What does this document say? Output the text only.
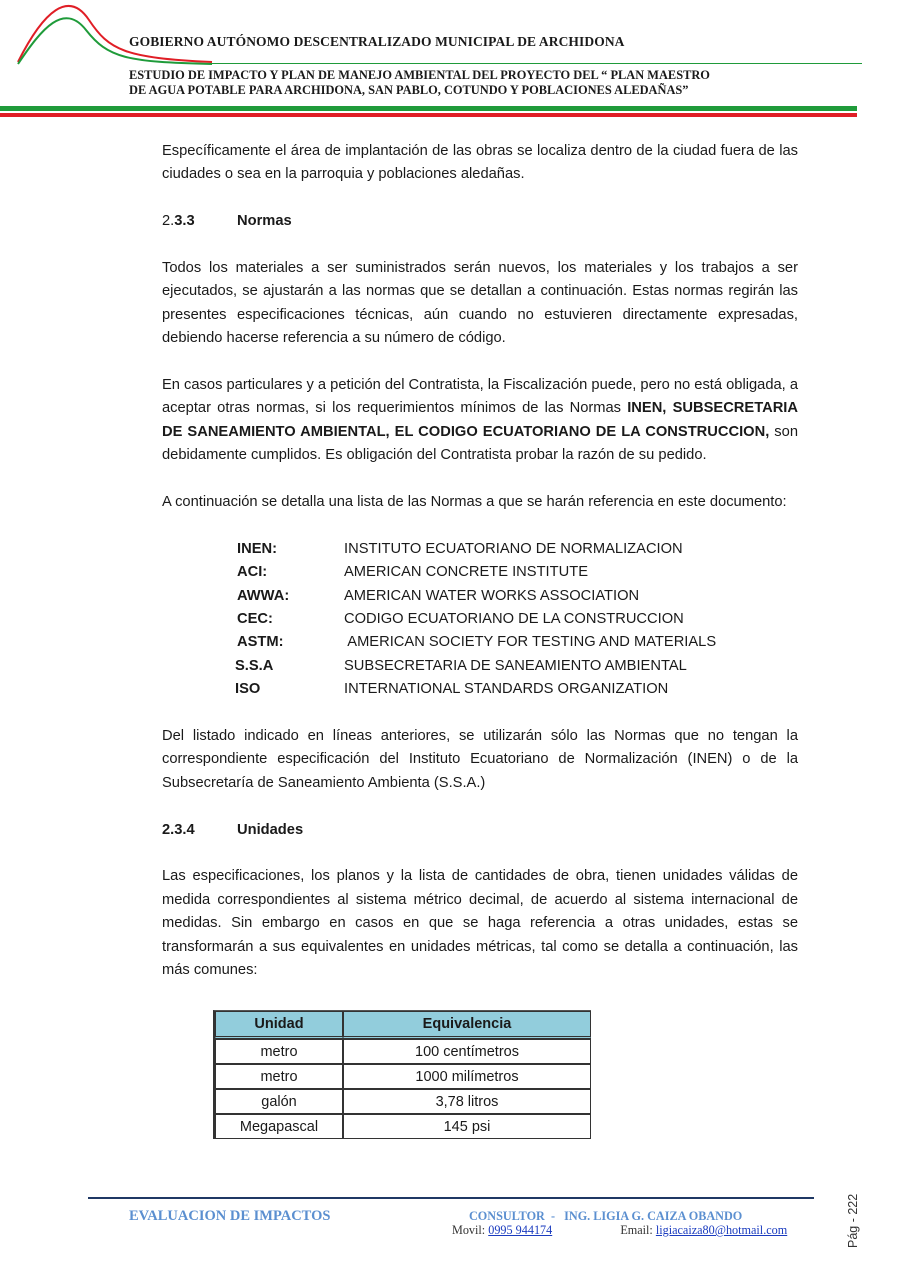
GOBIERNO AUTÓNOMO DESCENTRALIZADO MUNICIPAL DE ARCHIDONA
ESTUDIO DE IMPACTO Y PLAN DE MANEJO AMBIENTAL DEL PROYECTO DEL “ PLAN MAESTRO
DE AGUA POTABLE PARA ARCHIDONA, SAN PABLO, COTUNDO Y POBLACIONES ALEDAÑAS”

Específicamente el área de implantación de las obras se localiza dentro de la ciudad fuera de las ciudades o sea en la parroquia y poblaciones aledañas.

2.3.3	Normas

Todos los materiales a ser suministrados serán nuevos, los materiales y los trabajos a ser ejecutados, se ajustarán a las normas que se detallan a continuación. Estas normas regirán las presentes especificaciones técnicas, aún cuando no estuvieren directamente expresadas, debiendo hacerse referencia a su número de código.

En casos particulares y a petición del Contratista, la Fiscalización puede, pero no está obligada, a aceptar otras normas, si los requerimientos mínimos de las Normas INEN, SUBSECRETARIA DE SANEAMIENTO AMBIENTAL, EL CODIGO ECUATORIANO DE LA CONSTRUCCION, son debidamente cumplidos. Es obligación del Contratista probar la razón de su pedido.

A continuación se detalla una lista de las Normas a que se harán referencia en este documento:

INEN:	INSTITUTO ECUATORIANO DE NORMALIZACION
ACI:	AMERICAN CONCRETE INSTITUTE
AWWA:	AMERICAN WATER WORKS ASSOCIATION
CEC:	CODIGO ECUATORIANO DE LA CONSTRUCCION
ASTM:	AMERICAN SOCIETY FOR TESTING AND MATERIALS
S.S.A	SUBSECRETARIA DE SANEAMIENTO AMBIENTAL
ISO	INTERNATIONAL STANDARDS ORGANIZATION

Del listado indicado en líneas anteriores, se utilizarán sólo las Normas que no tengan la correspondiente especificación del Instituto Ecuatoriano de Normalización (INEN) o de la Subsecretaría de Saneamiento Ambienta (S.S.A.)

2.3.4	Unidades

Las especificaciones, los planos y la lista de cantidades de obra, tienen unidades válidas de medida correspondientes al sistema métrico decimal, de acuerdo al sistema internacional de medidas. Sin embargo en casos en que se haga referencia a otras unidades, estas se transformarán a sus equivalentes en unidades métricas, tal como se detalla a continuación, las más comunes:

Unidad	Equivalencia
metro	100 centímetros
metro	1000 milímetros
galón	3,78 litros
Megapascal	145 psi
EVALUACION DE IMPACTOS	CONSULTOR  -   ING. LIGIA G. CAIZA OBANDO
Movil: 0995 944174	Email: ligiacaiza80@hotmail.com	Pág - 222
